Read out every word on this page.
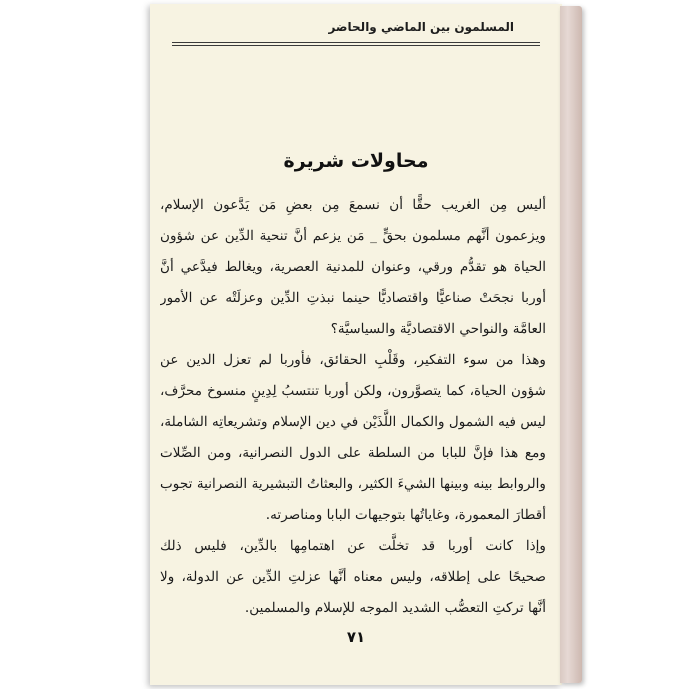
المسلمون بين الماضي والحاضر
محاولات شريرة
أليس مِن الغريب حقًّا أن نسمعَ مِن بعضِ مَن يَدَّعون الإسلام،
ويزعمون أنَّهم مسلمون بحقٍّ _ مَن يزعم أنَّ تنحية الدِّين عن شؤون
الحياة هو تقدُّم ورقي، وعنوان للمدنية العصرية، ويغالط فيدَّعي أنَّ
أوربا نجحَتْ صناعيًّا واقتصاديًّا حينما نبذتِ الدِّين وعزلَتْه عن الأمور
العامَّة والنواحي الاقتصاديَّة والسياسيَّة؟
وهذا من سوء التفكير، وقَلْبِ الحقائق، فأوربا لم تعزل الدين عن
شؤون الحياة، كما يتصوَّرون، ولكن أوربا تنتسبُ لِدِينٍ منسوخ محرَّف،
ليس فيه الشمول والكمال اللَّذَيْن في دين الإسلام وتشريعاتِه الشاملة،
ومع هذا فإنَّ للبابا من السلطة على الدول النصرانية، ومن الصِّلات
والروابط بينه وبينها الشيءَ الكثير، والبعثاتُ التبشيرية النصرانية تجوب
أقطارَ المعمورة، وغاياتُها بتوجيهات البابا ومناصرته.
وإذا كانت أوربا قد تخلَّت عن اهتمامِها بالدِّين، فليس ذلك
صحيحًا على إطلاقه، وليس معناه أنَّها عزلتِ الدِّين عن الدولة، ولا
أنَّها تركتِ التعصُّب الشديد الموجه للإسلام والمسلمين.
٧١
